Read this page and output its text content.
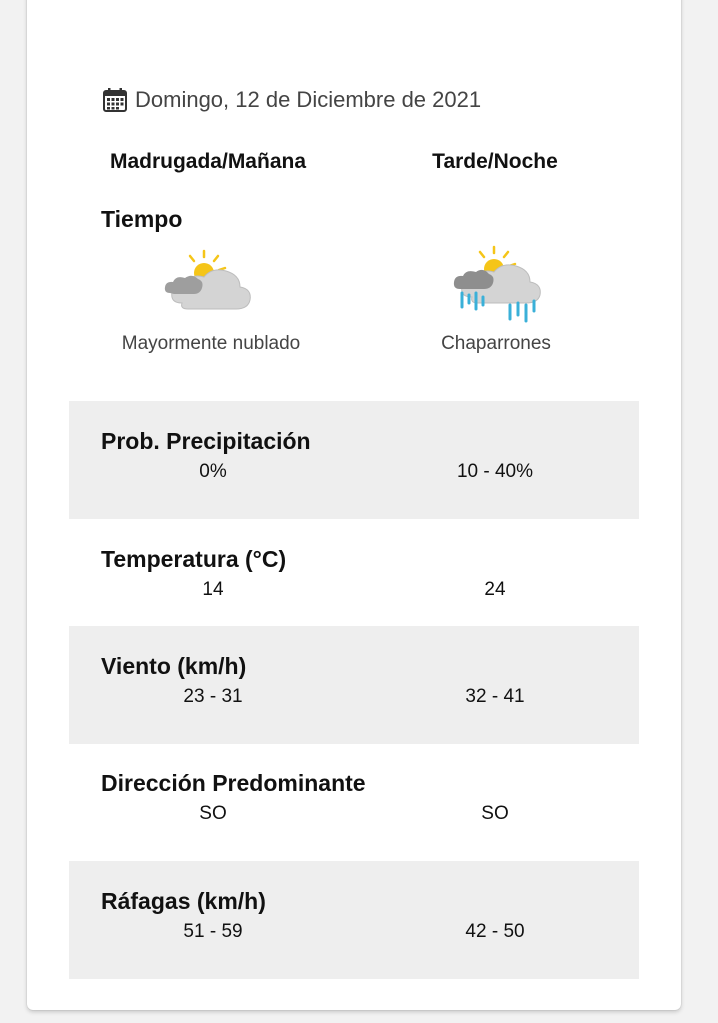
Domingo, 12 de Diciembre de 2021
Madrugada/Mañana	Tarde/Noche
Tiempo
Mayormente nublado	Chaparrones
Prob. Precipitación
0%	10 - 40%
Temperatura (°C)
14	24
Viento (km/h)
23 - 31	32 - 41
Dirección Predominante
SO	SO
Ráfagas (km/h)
51 - 59	42 - 50
